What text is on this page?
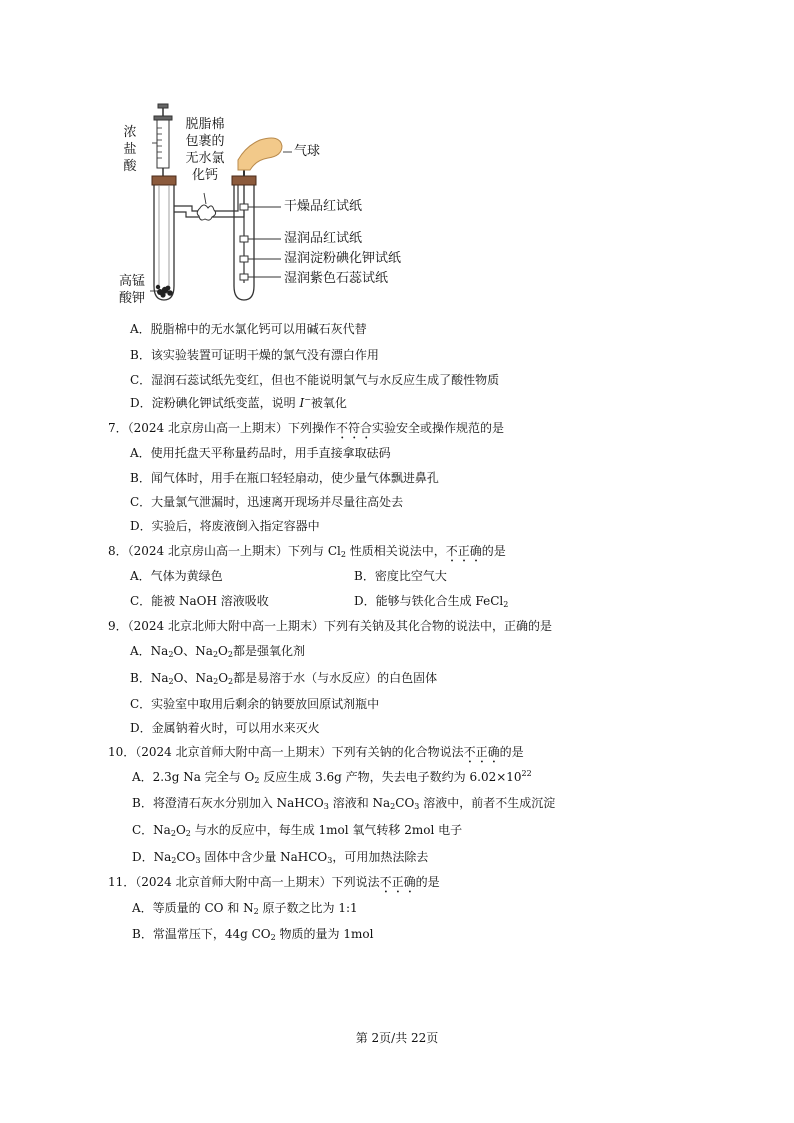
浓
盐
酸
脱脂棉
包裹的
无水氯
化钙
气球
高锰
酸钾
干燥品红试纸
湿润品红试纸
湿润淀粉碘化钾试纸
湿润紫色石蕊试纸
A．脱脂棉中的无水氯化钙可以用碱石灰代替
B．该实验装置可证明干燥的氯气没有漂白作用
C．湿润石蕊试纸先变红，但也不能说明氯气与水反应生成了酸性物质
D．淀粉碘化钾试纸变蓝，说明 I−被氧化
7．（2024 北京房山高一上期末）下列操作不符合实验安全或操作规范的是
A．使用托盘天平称量药品时，用手直接拿取砝码
B．闻气体时，用手在瓶口轻轻扇动，使少量气体飘进鼻孔
C．大量氯气泄漏时，迅速离开现场并尽量往高处去
D．实验后，将废液倒入指定容器中
8．（2024 北京房山高一上期末）下列与 $Cl_2$ 性质相关说法中，不正确的是
A．气体为黄绿色	B．密度比空气大
C．能被 NaOH 溶液吸收	D．能够与铁化合生成 FeCl$_2$
9．（2024 北京北师大附中高一上期末）下列有关钠及其化合物的说法中，正确的是
A．$Na_2O$、$Na_2O_2$都是强氧化剂
B．$Na_2O$、$Na_2O_2$都是易溶于水（与水反应）的白色固体
C．实验室中取用后剩余的钠要放回原试剂瓶中
D．金属钠着火时，可以用水来灭火
10．（2024 北京首师大附中高一上期末）下列有关钠的化合物说法不正确的是
A．2.3g Na 完全与 $O_2$ 反应生成 3.6g 产物，失去电子数约为 $6.02\times 10^{22}$
B．将澄清石灰水分别加入 NaHCO$_3$ 溶液和 $Na_2CO_3$ 溶液中，前者不生成沉淀
C．$Na_2O_2$ 与水的反应中，每生成 1mol 氧气转移 2mol 电子
D．$Na_2CO_3$ 固体中含少量 NaHCO$_3$，可用加热法除去
11．（2024 北京首师大附中高一上期末）下列说法不正确的是
A．等质量的 CO 和 $N_2$ 原子数之比为 1:1
B．常温常压下，44g $CO_2$ 物质的量为 1mol
第 2页/共 22页
